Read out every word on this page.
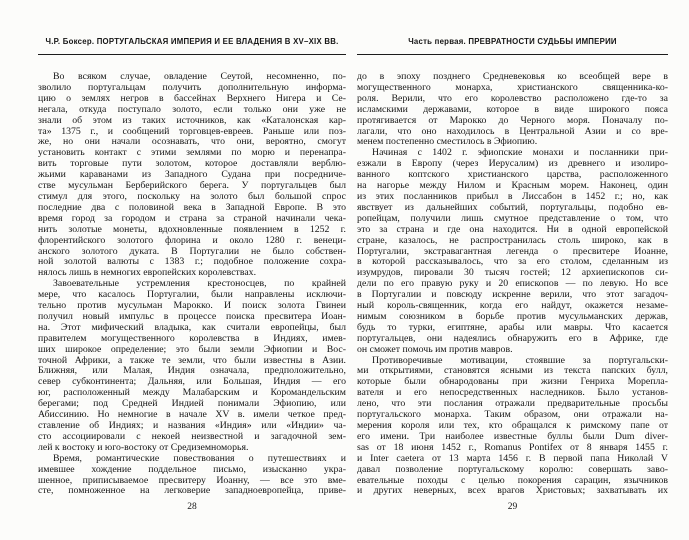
Ч.Р. Боксер. ПОРТУГАЛЬСКАЯ ИМПЕРИЯ И ЕЕ ВЛАДЕНИЯ В XV–XIX ВВ.
Во всяком случае, овладение Сеутой, несомненно, по-
зволило португальцам получить дополнительную информа-
цию о землях негров в бассейнах Верхнего Нигера и Се-
негала, откуда поступало золото, если только они уже не
знали об этом из таких источников, как «Каталонская кар-
та» 1375 г., и сообщений торговцев-евреев. Раньше или поз-
же, но они начали осознавать, что они, вероятно, смогут
установить контакт с этими землями по морю и перенапра-
вить торговые пути золотом, которое доставляли верблю-
жьими караванами из Западного Судана при посредниче-
стве мусульман Берберийского берега. У португальцев был
стимул для этого, поскольку на золото был большой спрос
последние два с половиной века в Западной Европе. В это
время город за городом и страна за страной начинали чека-
нить золотые монеты, вдохновленные появлением в 1252 г.
флорентийского золотого флорина и около 1280 г. венеци-
анского золотого дуката. В Португалии не было собствен-
ной золотой валюты с 1383 г.; подобное положение сохра-
нялось лишь в немногих европейских королевствах.
Завоевательные устремления крестоносцев, по крайней
мере, что касалось Португалии, были направлены исключи-
тельно против мусульман Марокко. И поиск золота Гвинеи
получил новый импульс в процессе поиска пресвитера Иоан-
на. Этот мифический владыка, как считали европейцы, был
правителем могущественного королевства в Индиях, имев-
ших широкое определение; это были земли Эфиопии и Вос-
точной Африки, а также те земли, что были известны в Азии.
Ближняя, или Малая, Индия означала, предположительно,
север субконтинента; Дальняя, или Большая, Индия — его
юг, расположенный между Малабарским и Коромандельским
берегами; под Средней Индией понимали Эфиопию, или
Абиссинию. Но немногие в начале XV в. имели четкое пред-
ставление об Индиях; и названия «Индия» или «Индии» ча-
сто ассоциировали с некоей неизвестной и загадочной зем-
лей к востоку и юго-востоку от Средиземноморья.
Время, романтические повествования о путешествиях и
имевшее хождение поддельное письмо, изысканно укра-
шенное, приписываемое пресвитеру Иоанну, — все это вме-
сте, помноженное на легковерие западноевропейца, приве-
28
Часть первая. ПРЕВРАТНОСТИ СУДЬБЫ ИМПЕРИИ
до в эпоху позднего Средневековья ко всеобщей вере в
могущественного монарха, христианского священника-ко-
роля. Верили, что его королевство расположено где-то за
исламскими державами, которое в виде широкого пояса
протягивается от Марокко до Черного моря. Поначалу по-
лагали, что оно находилось в Центральной Азии и со вре-
менем постепенно сместилось в Эфиопию.
Начиная с 1402 г. эфиопские монахи и посланники при-
езжали в Европу (через Иерусалим) из древнего и изолиро-
ванного коптского христианского царства, расположенного
на нагорье между Нилом и Красным морем. Наконец, один
из этих посланников прибыл в Лиссабон в 1452 г.; но, как
явствует из дальнейших событий, португальцы, подобно ев-
ропейцам, получили лишь смутное представление о том, что
это за страна и где она находится. Ни в одной европейской
стране, казалось, не распространилась столь широко, как в
Португалии, экстравагантная легенда о пресвитере Иоанне,
в которой рассказывалось, что за его столом, сделанным из
изумрудов, пировали 30 тысяч гостей; 12 архиепископов си-
дели по его правую руку и 20 епископов — по левую. Но все
в Португалии и повсюду искренне верили, что этот загадоч-
ный король-священник, когда его найдут, окажется незаме-
нимым союзником в борьбе против мусульманских держав,
будь то турки, египтяне, арабы или мавры. Что касается
португальцев, они надеялись обнаружить его в Африке, где
он сможет помочь им против мавров.
Противоречивые мотивации, стоявшие за португальски-
ми открытиями, становятся ясными из текста папских булл,
которые были обнародованы при жизни Генриха Морепла-
вателя и его непосредственных наследников. Было установ-
лено, что эти послания отражали предварительные просьбы
португальского монарха. Таким образом, они отражали на-
мерения короля или тех, кто обращался к римскому папе от
его имени. Три наиболее известные буллы были Dum diver-
sas от 18 июня 1452 г., Romanus Pontifex от 8 января 1455 г.
и Inter caetera от 13 марта 1456 г. В первой папа Николай V
давал позволение португальскому королю: совершать заво-
евательные походы с целью покорения сарацин, язычников
и других неверных, всех врагов Христовых; захватывать их
29
